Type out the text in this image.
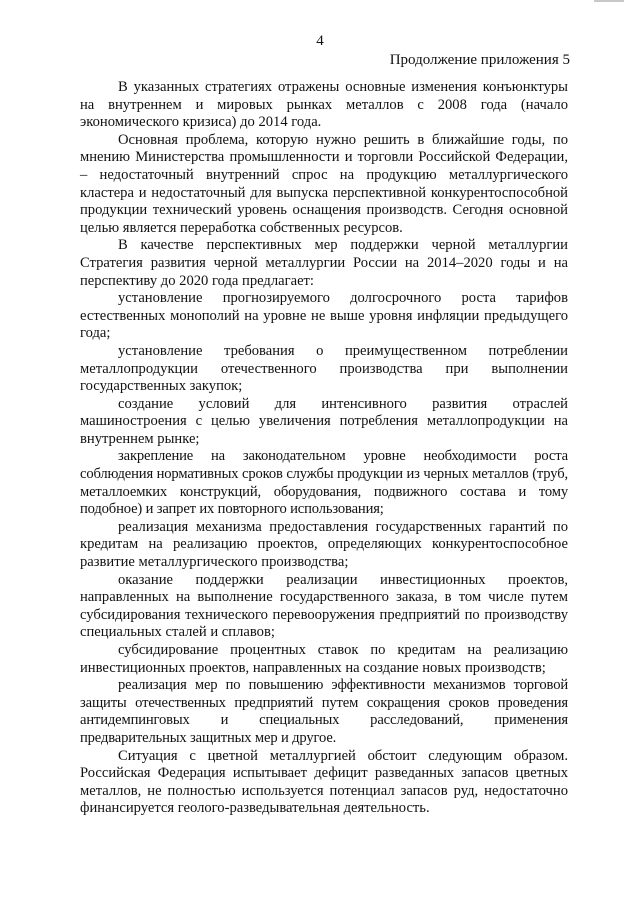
4
Продолжение приложения 5

В указанных стратегиях отражены основные изменения конъюнктуры на внутреннем и мировых рынках металлов с 2008 года (начало экономического кризиса) до 2014 года.

Основная проблема, которую нужно решить в ближайшие годы, по мнению Министерства промышленности и торговли Российской Федерации, – недостаточный внутренний спрос на продукцию металлургического кластера и недостаточный для выпуска перспективной конкурентоспособной продукции технический уровень оснащения производств. Сегодня основной целью является переработка собственных ресурсов.

В качестве перспективных мер поддержки черной металлургии Стратегия развития черной металлургии России на 2014–2020 годы и на перспективу до 2020 года предлагает:

установление прогнозируемого долгосрочного роста тарифов естественных монополий на уровне не выше уровня инфляции предыдущего года;

установление требования о преимущественном потреблении металлопродукции отечественного производства при выполнении государственных закупок;

создание условий для интенсивного развития отраслей машиностроения с целью увеличения потребления металлопродукции на внутреннем рынке;

закрепление на законодательном уровне необходимости роста соблюдения нормативных сроков службы продукции из черных металлов (труб, металлоемких конструкций, оборудования, подвижного состава и тому подобное) и запрет их повторного использования;

реализация механизма предоставления государственных гарантий по кредитам на реализацию проектов, определяющих конкурентоспособное развитие металлургического производства;

оказание поддержки реализации инвестиционных проектов, направленных на выполнение государственного заказа, в том числе путем субсидирования технического перевооружения предприятий по производству специальных сталей и сплавов;

субсидирование процентных ставок по кредитам на реализацию инвестиционных проектов, направленных на создание новых производств;

реализация мер по повышению эффективности механизмов торговой защиты отечественных предприятий путем сокращения сроков проведения антидемпинговых и специальных расследований, применения предварительных защитных мер и другое.

Ситуация с цветной металлургией обстоит следующим образом. Российская Федерация испытывает дефицит разведанных запасов цветных металлов, не полностью используется потенциал запасов руд, недостаточно финансируется геолого-разведывательная деятельность.
